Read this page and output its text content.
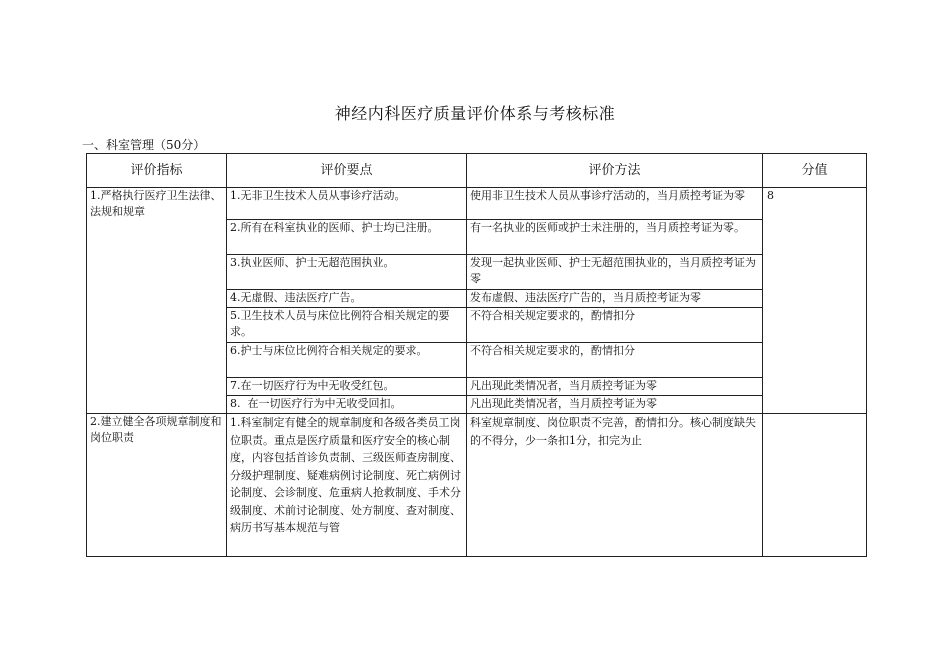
神经内科医疗质量评价体系与考核标准
一、科室管理（50分）
评价指标	评价要点	评价方法	分值
1.严格执行医疗卫生法律、法规和规章	1.无非卫生技术人员从事诊疗活动。	使用非卫生技术人员从事诊疗活动的，当月质控考证为零	8
	2.所有在科室执业的医师、护士均已注册。	有一名执业的医师或护士未注册的，当月质控考证为零。	
	3.执业医师、护士无超范围执业。	发现一起执业医师、护士无超范围执业的，当月质控考证为零	
	4.无虚假、违法医疗广告。	发布虚假、违法医疗广告的，当月质控考证为零	
	5.卫生技术人员与床位比例符合相关规定的要求。	不符合相关规定要求的，酌情扣分	
	6.护士与床位比例符合相关规定的要求。	不符合相关规定要求的，酌情扣分	
	7.在一切医疗行为中无收受红包。	凡出现此类情况者，当月质控考证为零	
	8.  在一切医疗行为中无收受回扣。	凡出现此类情况者，当月质控考证为零	
2.建立健全各项规章制度和岗位职责	1.科室制定有健全的规章制度和各级各类员工岗位职责。重点是医疗质量和医疗安全的核心制度，内容包括首诊负责制、三级医师查房制度、分级护理制度、疑难病例讨论制度、死亡病例讨论制度、会诊制度、危重病人抢救制度、手术分级制度、术前讨论制度、处方制度、查对制度、病历书写基本规范与管	科室规章制度、岗位职责不完善，酌情扣分。核心制度缺失的不得分，少一条扣1分，扣完为止	
